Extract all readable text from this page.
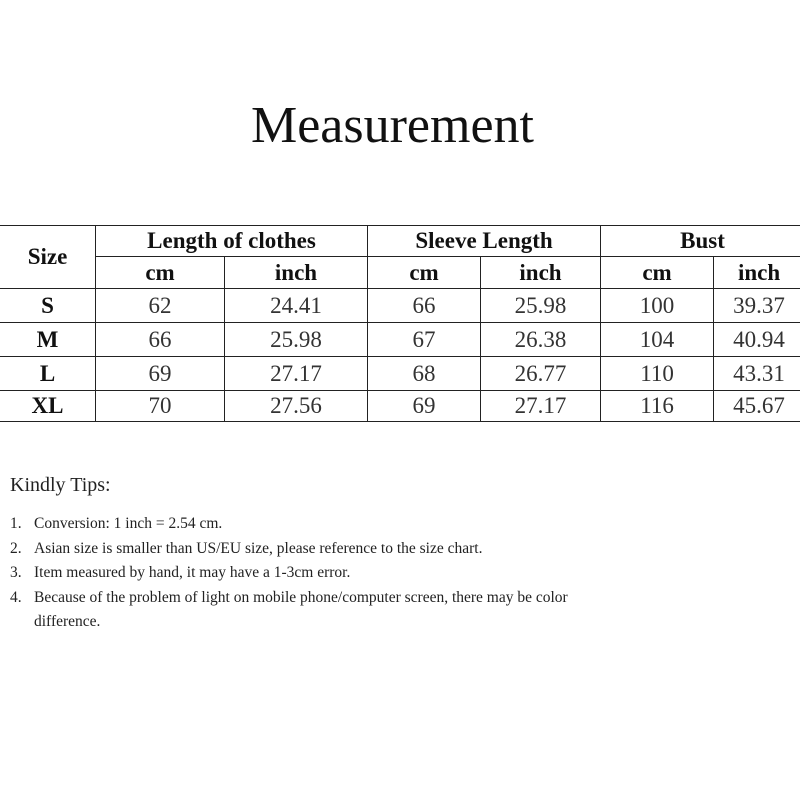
Measurement
Size	Length of clothes		Sleeve Length		Bust	
	cm	inch	cm	inch	cm	inch
S	62	24.41	66	25.98	100	39.37
M	66	25.98	67	26.38	104	40.94
L	69	27.17	68	26.77	110	43.31
XL	70	27.56	69	27.17	116	45.67
Kindly Tips:
1. Conversion: 1 inch = 2.54 cm.
2. Asian size is smaller than US/EU size, please reference to the size chart.
3. Item measured by hand, it may have a 1-3cm error.
4. Because of the problem of light on mobile phone/computer screen, there may be color difference.
